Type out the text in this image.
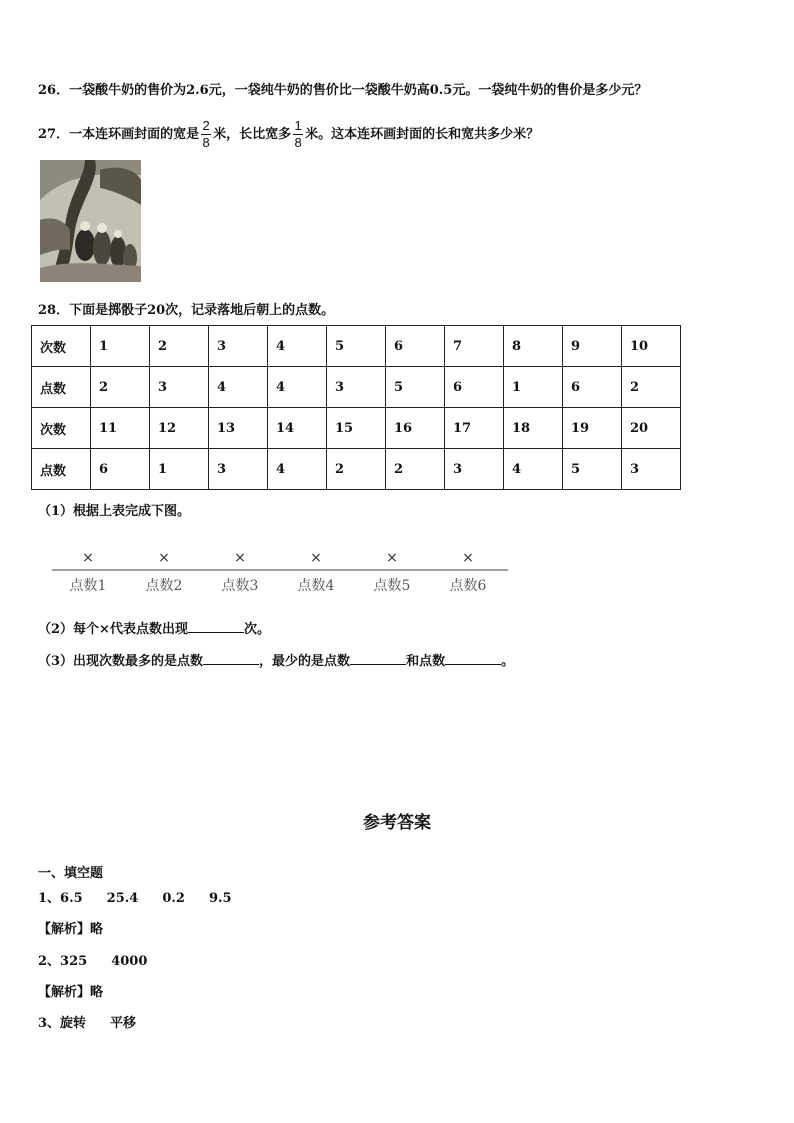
26．一袋酸牛奶的售价为2.6元，一袋纯牛奶的售价比一袋酸牛奶高0.5元。一袋纯牛奶的售价是多少元？
27．一本连环画封面的宽是 $\frac{2}{8}$ 米，长比宽多 $\frac{1}{8}$ 米。这本连环画封面的长和宽共多少米？
28．下面是掷骰子20次，记录落地后朝上的点数。
次数	1	2	3	4	5	6	7	8	9	10
点数	2	3	4	4	3	5	6	1	6	2
次数	11	12	13	14	15	16	17	18	19	20
点数	6	1	3	4	2	2	3	4	5	3
（1）根据上表完成下图。
×
点数1
×
点数2
×
点数3
×
点数4
×
点数5
×
点数6
（2）每个×代表点数出现	次。
（3）出现次数最多的是点数	，最少的是点数	和点数	。
参考答案
一、填空题
1、6.5 25.4 0.2 9.5
【解析】略
2、325 4000
【解析】略
3、旋转 平移
